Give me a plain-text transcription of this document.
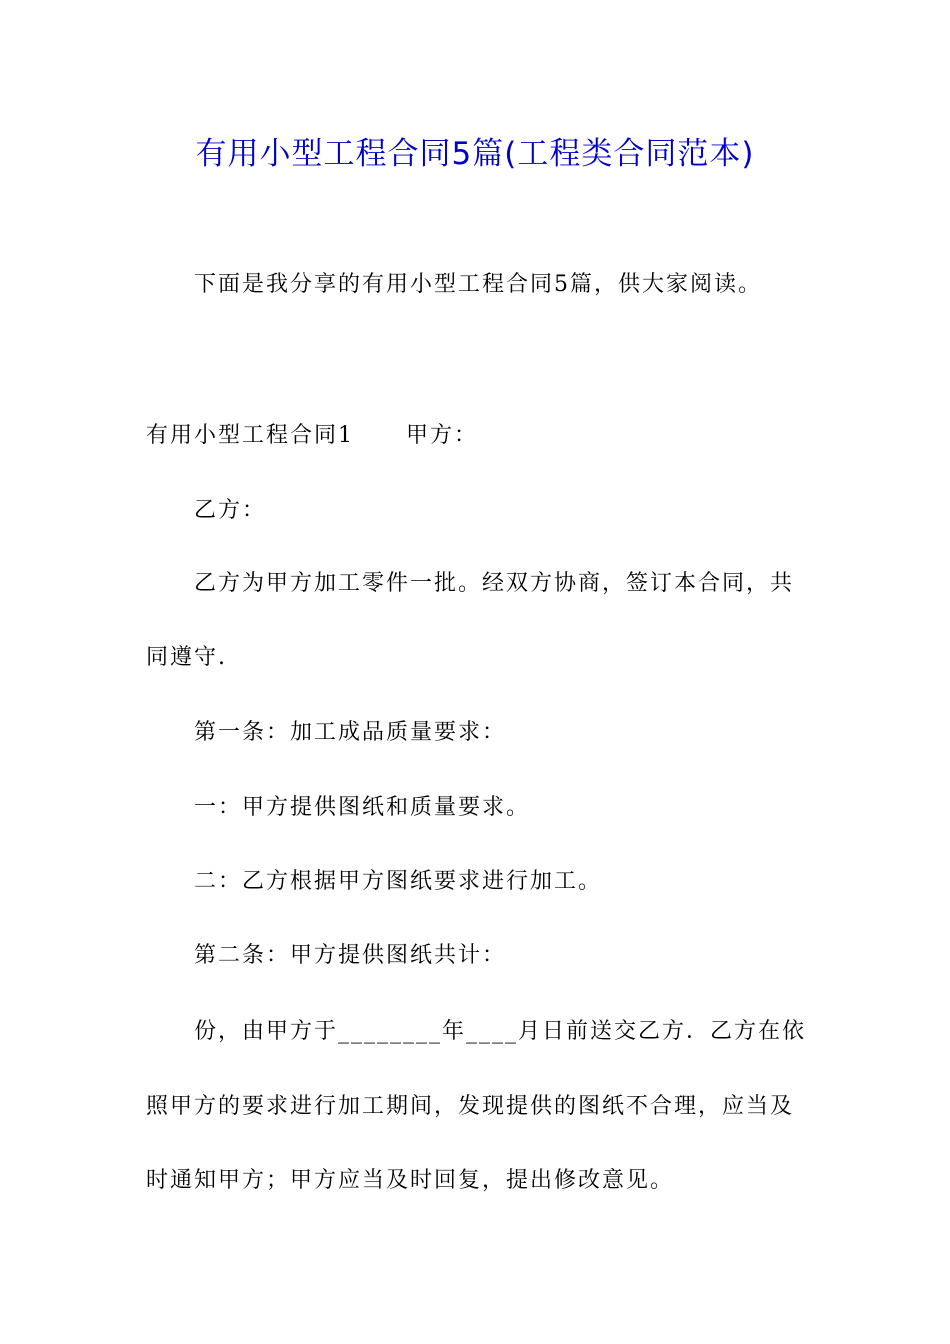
有用小型工程合同5篇(工程类合同范本)
下面是我分享的有用小型工程合同5篇，供大家阅读。
有用小型工程合同1 甲方：
乙方：
乙方为甲方加工零件一批。经双方协商，签订本合同，共
同遵守.
第一条：加工成品质量要求：
一：甲方提供图纸和质量要求。
二：乙方根据甲方图纸要求进行加工。
第二条：甲方提供图纸共计：
份，由甲方于________年____月日前送交乙方．乙方在依
照甲方的要求进行加工期间，发现提供的图纸不合理，应当及
时通知甲方；甲方应当及时回复，提出修改意见。
